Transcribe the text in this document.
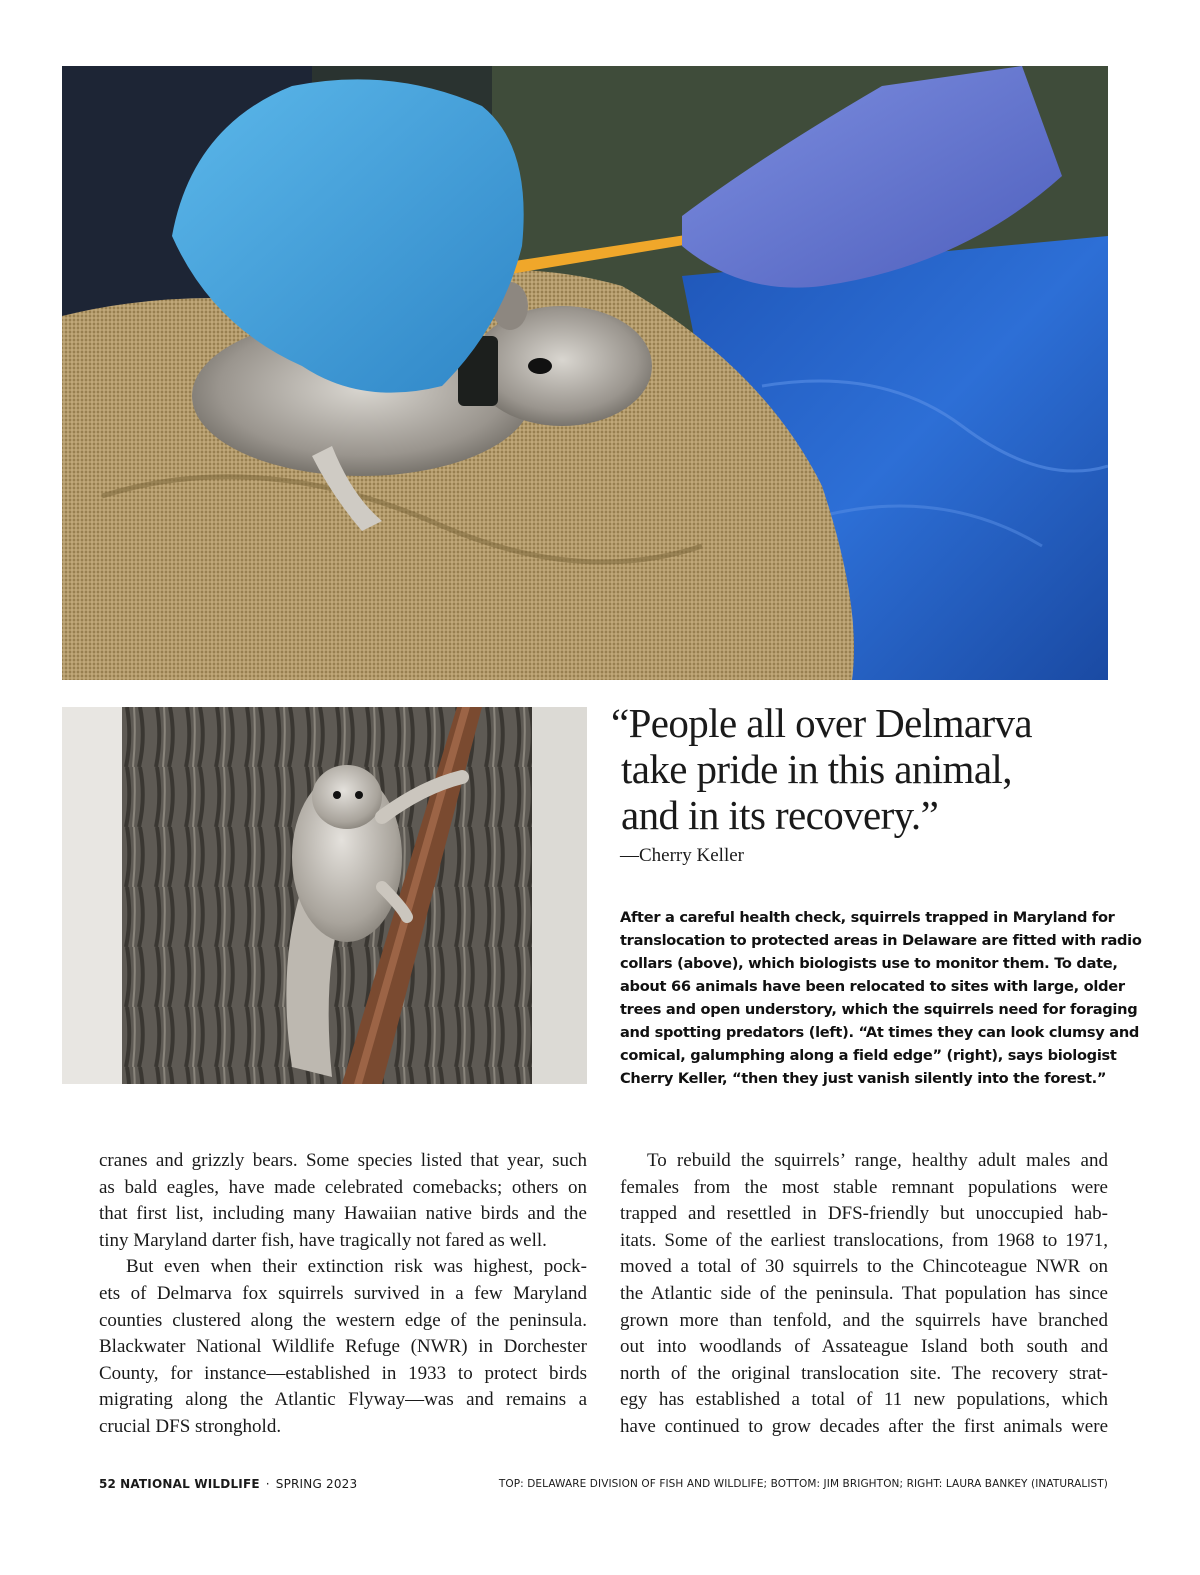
“People all over Delmarva
take pride in this animal,
and in its recovery.”
—Cherry Keller
After a careful health check, squirrels trapped in Maryland for
translocation to protected areas in Delaware are fitted with radio
collars (above), which biologists use to monitor them. To date,
about 66 animals have been relocated to sites with large, older
trees and open understory, which the squirrels need for foraging
and spotting predators (left). “At times they can look clumsy and
comical, galumphing along a field edge” (right), says biologist
Cherry Keller, “then they just vanish silently into the forest.”
cranes and grizzly bears. Some species listed that year, such
as bald eagles, have made celebrated comebacks; others on
that first list, including many Hawaiian native birds and the
tiny Maryland darter fish, have tragically not fared as well.
But even when their extinction risk was highest, pock-
ets of Delmarva fox squirrels survived in a few Maryland
counties clustered along the western edge of the peninsula.
Blackwater National Wildlife Refuge (NWR) in Dorchester
County, for instance—established in 1933 to protect birds
migrating along the Atlantic Flyway—was and remains a
crucial DFS stronghold.
To rebuild the squirrels’ range, healthy adult males and
females from the most stable remnant populations were
trapped and resettled in DFS-friendly but unoccupied hab-
itats. Some of the earliest translocations, from 1968 to 1971,
moved a total of 30 squirrels to the Chincoteague NWR on
the Atlantic side of the peninsula. That population has since
grown more than tenfold, and the squirrels have branched
out into woodlands of Assateague Island both south and
north of the original translocation site. The recovery strat-
egy has established a total of 11 new populations, which
have continued to grow decades after the first animals were
52 NATIONAL WILDLIFE · SPRING 2023	TOP: DELAWARE DIVISION OF FISH AND WILDLIFE; BOTTOM: JIM BRIGHTON; RIGHT: LAURA BANKEY (INATURALIST)
